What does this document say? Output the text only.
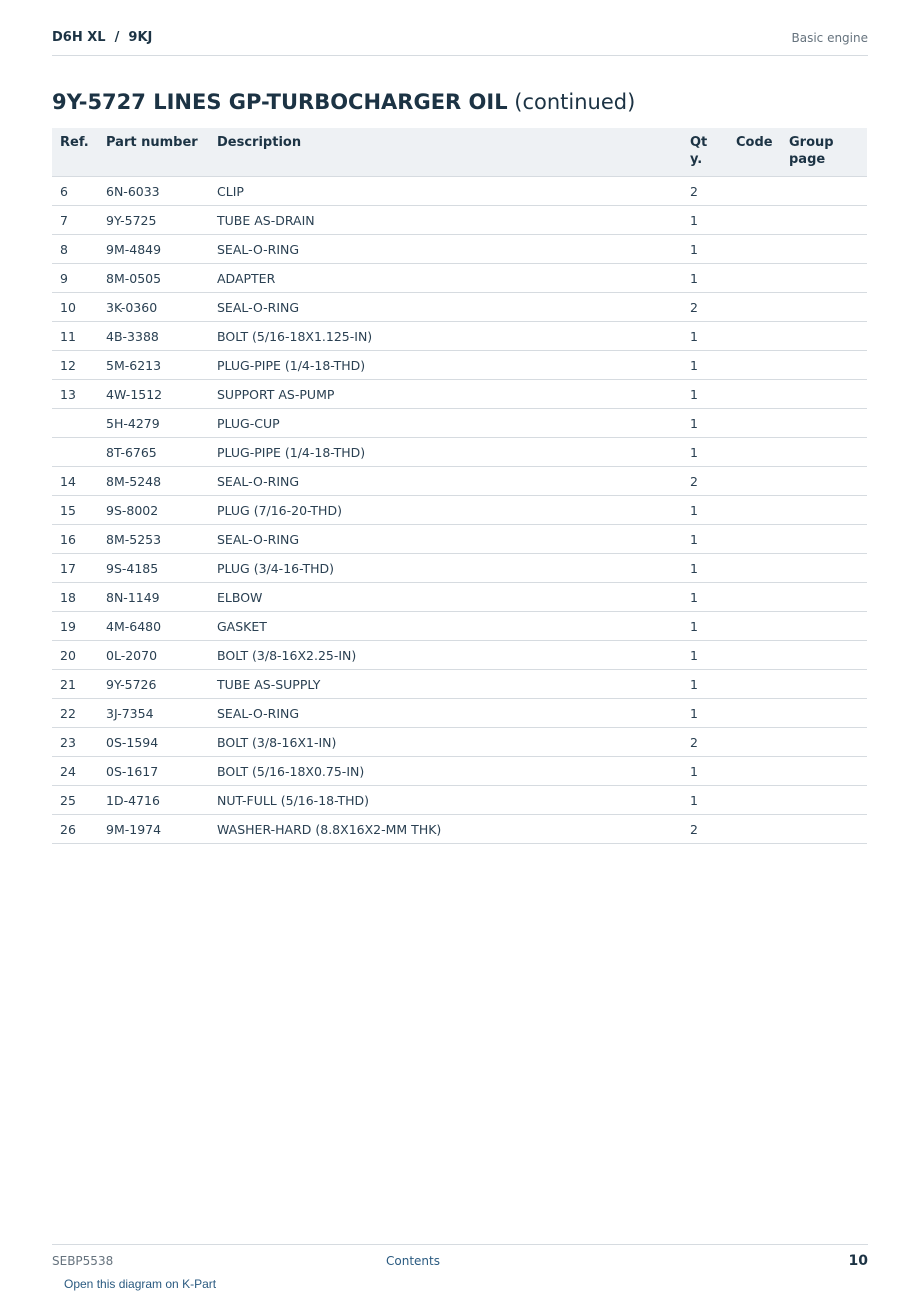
D6H XL  /  9KJ	Basic engine
9Y-5727 LINES GP-TURBOCHARGER OIL (continued)
Ref.	Part number	Description	Qty.	Code	Group page
6	6N-6033	CLIP	2		
7	9Y-5725	TUBE AS-DRAIN	1		
8	9M-4849	SEAL-O-RING	1		
9	8M-0505	ADAPTER	1		
10	3K-0360	SEAL-O-RING	2		
11	4B-3388	BOLT (5/16-18X1.125-IN)	1		
12	5M-6213	PLUG-PIPE (1/4-18-THD)	1		
13	4W-1512	SUPPORT AS-PUMP	1		
	5H-4279	PLUG-CUP	1		
	8T-6765	PLUG-PIPE (1/4-18-THD)	1		
14	8M-5248	SEAL-O-RING	2		
15	9S-8002	PLUG (7/16-20-THD)	1		
16	8M-5253	SEAL-O-RING	1		
17	9S-4185	PLUG (3/4-16-THD)	1		
18	8N-1149	ELBOW	1		
19	4M-6480	GASKET	1		
20	0L-2070	BOLT (3/8-16X2.25-IN)	1		
21	9Y-5726	TUBE AS-SUPPLY	1		
22	3J-7354	SEAL-O-RING	1		
23	0S-1594	BOLT (3/8-16X1-IN)	2		
24	0S-1617	BOLT (5/16-18X0.75-IN)	1		
25	1D-4716	NUT-FULL (5/16-18-THD)	1		
26	9M-1974	WASHER-HARD (8.8X16X2-MM THK)	2		
SEBP5538	Contents	10
Open this diagram on K-Part
